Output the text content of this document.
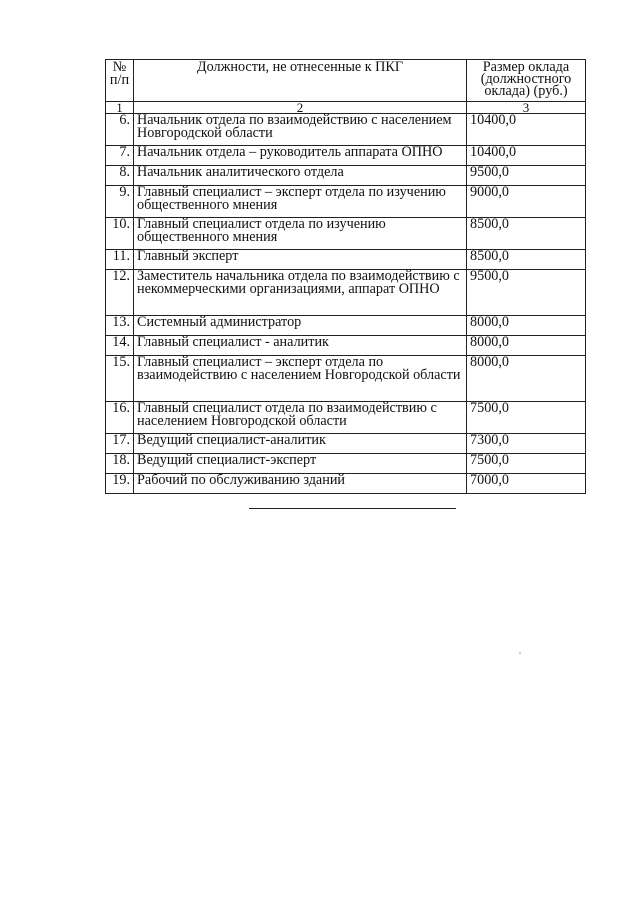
№ п/п	Должности, не отнесенные к ПКГ	Размер оклада (должностного оклада) (руб.)
1	2	3
6.	Начальник отдела по взаимодействию с населением Новгородской области	10400,0
7.	Начальник отдела – руководитель аппарата ОПНО	10400,0
8.	Начальник аналитического отдела	9500,0
9.	Главный специалист – эксперт отдела по изучению общественного мнения	9000,0
10.	Главный специалист отдела по изучению общественного мнения	8500,0
11.	Главный эксперт	8500,0
12.	Заместитель начальника отдела по взаимодействию с некоммерческими организациями, аппарат ОПНО	9500,0
13.	Системный администратор	8000,0
14.	Главный специалист - аналитик	8000,0
15.	Главный специалист – эксперт отдела по взаимодействию с населением Новгородской области	8000,0
16.	Главный специалист отдела по взаимодействию с населением Новгородской области	7500,0
17.	Ведущий специалист-аналитик	7300,0
18.	Ведущий специалист-эксперт	7500,0
19.	Рабочий по обслуживанию зданий	7000,0
